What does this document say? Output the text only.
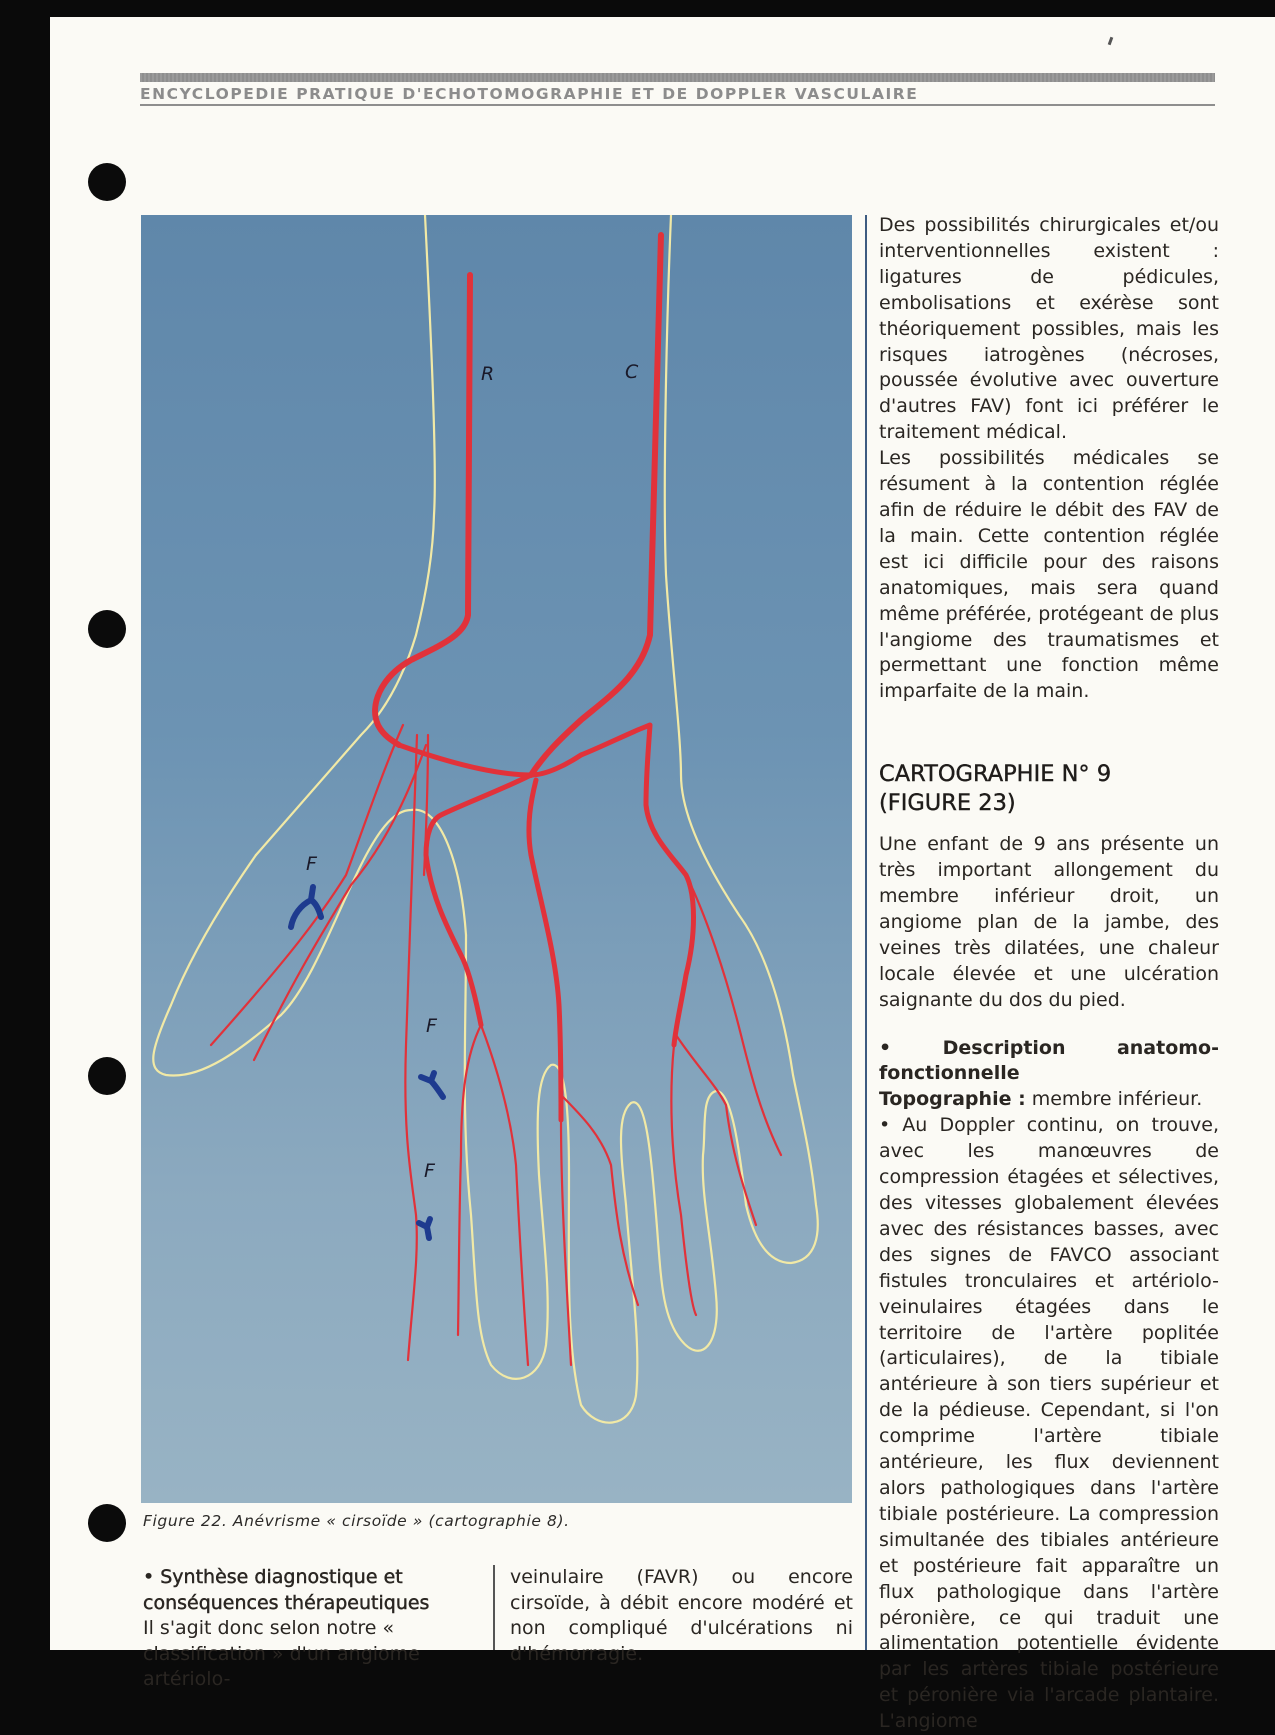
ENCYCLOPEDIE PRATIQUE D'ECHOTOMOGRAPHIE ET DE DOPPLER VASCULAIRE
R	C
F
F
F
Figure 22. Anévrisme « cirsoïde » (cartographie 8).

Des possibilités chirurgicales et/ou interventionnelles existent : ligatures de pédicules, embolisations et exérèse sont théoriquement possibles, mais les risques iatrogènes (nécroses, poussée évolutive avec ouverture d'autres FAV) font ici préférer le traitement médical.

Les possibilités médicales se résument à la contention réglée afin de réduire le débit des FAV de la main. Cette contention réglée est ici difficile pour des raisons anatomiques, mais sera quand même préférée, protégeant de plus l'angiome des traumatismes et permettant une fonction même imparfaite de la main.

CARTOGRAPHIE N° 9
(FIGURE 23)

Une enfant de 9 ans présente un très important allongement du membre inférieur droit, un angiome plan de la jambe, des veines très dilatées, une chaleur locale élevée et une ulcération saignante du dos du pied.

• Description anatomo-fonctionnelle

Topographie : membre inférieur.

• Au Doppler continu, on trouve, avec les manœuvres de compression étagées et sélectives, des vitesses globalement élevées avec des résistances basses, avec des signes de FAVCO associant fistules tronculaires et artériolo-veinulaires étagées dans le territoire de l'artère poplitée (articulaires), de la tibiale antérieure à son tiers supérieur et de la pédieuse. Cependant, si l'on comprime l'artère tibiale antérieure, les flux deviennent alors pathologiques dans l'artère tibiale postérieure. La compression simultanée des tibiales antérieure et postérieure fait apparaître un flux pathologique dans l'artère péronière, ce qui traduit une alimentation potentielle évidente par les artères tibiale postérieure et péronière via l'arcade plantaire. L'angiome

• Synthèse diagnostique et conséquences thérapeutiques
Il s'agit donc selon notre « classification » d'un angiome artériolo-
veinulaire (FAVR) ou encore cirsoïde, à débit encore modéré et non compliqué d'ulcérations ni d'hémorragie.
